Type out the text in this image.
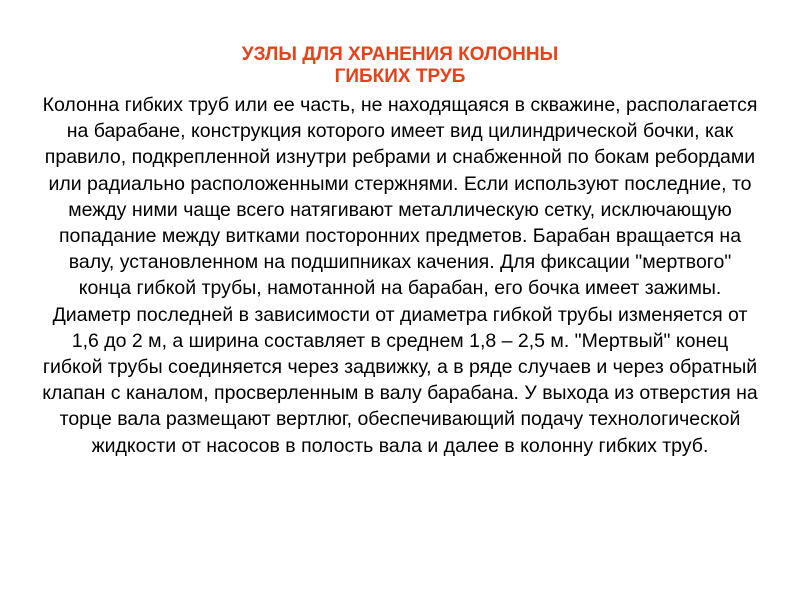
УЗЛЫ ДЛЯ ХРАНЕНИЯ КОЛОННЫ
ГИБКИХ ТРУБ

Колонна гибких труб или ее часть, не находящаяся в скважине, располагается на барабане, конструкция которого имеет вид цилиндрической бочки, как правило, подкрепленной изнутри ребрами и снабженной по бокам ребордами или радиально расположенными стержнями. Если используют последние, то между ними чаще всего натягивают металлическую сетку, исключающую попадание между витками посторонних предметов. Барабан вращается на валу, установленном на подшипниках качения. Для фиксации "мертвого" конца гибкой трубы, намотанной на барабан, его бочка имеет зажимы. Диаметр последней в зависимости от диаметра гибкой трубы изменяется от 1,6 до 2 м, а ширина составляет в среднем 1,8 – 2,5 м. "Мертвый" конец гибкой трубы соединяется через задвижку, а в ряде случаев и через обратный клапан с каналом, просверленным в валу барабана. У выхода из отверстия на торце вала размещают вертлюг, обеспечивающий подачу технологической жидкости от насосов в полость вала и далее в колонну гибких труб.
